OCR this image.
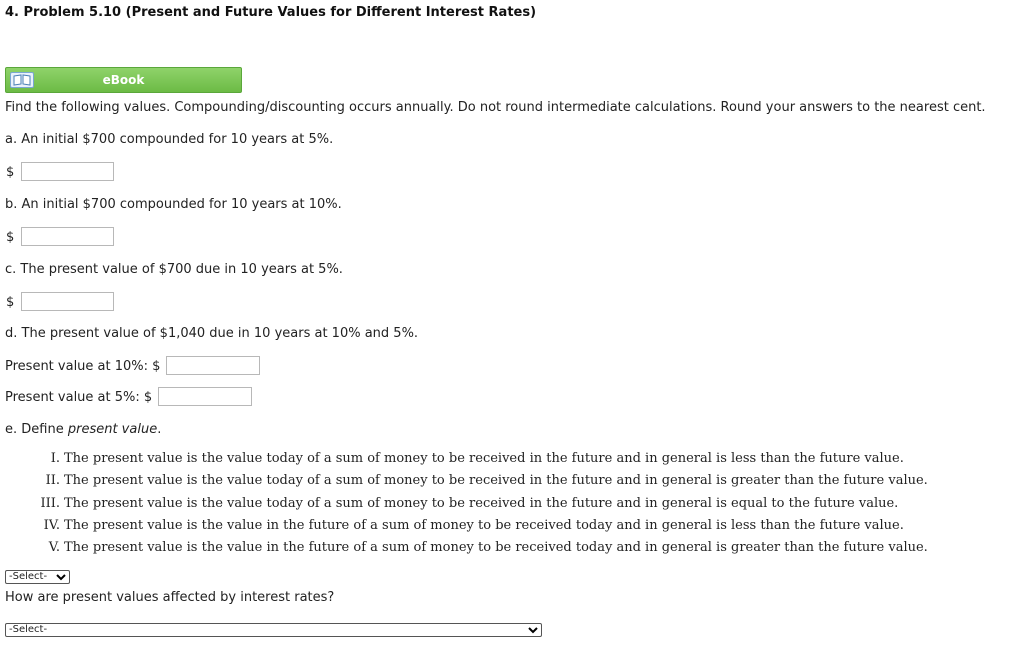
4. Problem 5.10 (Present and Future Values for Different Interest Rates)
eBook
Find the following values. Compounding/discounting occurs annually. Do not round intermediate calculations. Round your answers to the nearest cent.
a. An initial $700 compounded for 10 years at 5%.
$
b. An initial $700 compounded for 10 years at 10%.
$
c. The present value of $700 due in 10 years at 5%.
$
d. The present value of $1,040 due in 10 years at 10% and 5%.
Present value at 10%: $
Present value at 5%: $
e. Define present value.
I. The present value is the value today of a sum of money to be received in the future and in general is less than the future value.
II. The present value is the value today of a sum of money to be received in the future and in general is greater than the future value.
III. The present value is the value today of a sum of money to be received in the future and in general is equal to the future value.
IV. The present value is the value in the future of a sum of money to be received today and in general is less than the future value.
V. The present value is the value in the future of a sum of money to be received today and in general is greater than the future value.
-Select-
How are present values affected by interest rates?
-Select-
